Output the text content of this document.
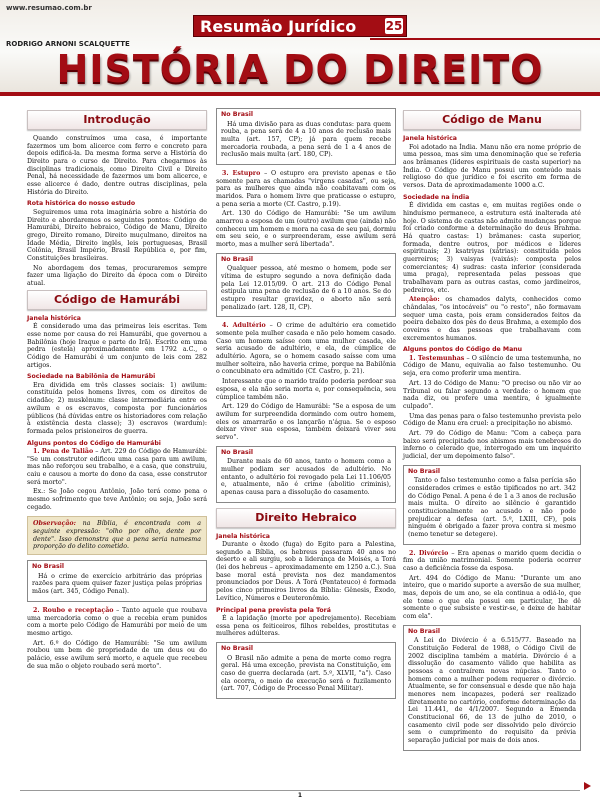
www.resumao.com.br
Resumão Jurídico 25
RODRIGO ARNONI SCALQUETTE
HISTÓRIA DO DIREITO
Introdução

Quando construímos uma casa, é importante fazermos um bom alicerce com ferro e concreto para depois edificá-la. Da mesma forma serve a História do Direito para o curso de Direito. Para chegarmos às disciplinas tradicionais, como Direito Civil e Direito Penal, há necessidade de fazermos um bom alicerce, e esse alicerce é dado, dentre outras disciplinas, pela História do Direito.

Rota histórica do nosso estudo

Seguiremos uma rota imaginária sobre a história do Direito e abordaremos os seguintes pontos: Código de Hamurábi, Direito hebraico, Código de Manu, Direito grego, Direito romano, Direito muçulmano, direitos na Idade Média, Direito inglês, leis portuguesas, Brasil Colônia, Brasil Império, Brasil República e, por fim, Constituições brasileiras.

No abordagem dos temas, procuraremos sempre fazer uma ligação do Direito da época com o Direito atual.

Código de Hamurábi
Janela histórica

É considerado uma das primeiras leis escritas. Tem esse nome por causa do rei Hamurábi, que governou a Babilônia (hoje Iraque e parte do Irã). Escrito em uma pedra (estela) aproximadamente em 1792 a.C., o Código de Hamurábi é um conjunto de leis com 282 artigos.

Sociedade na Babilônia de Hamurábi

Era dividida em três classes sociais: 1) awilum: constituída pelos homens livres, com os direitos de cidadão; 2) muskênum: classe intermediária entre os awilum e os escravos, composta por funcionários públicos (há dúvidas entre os historiadores com relação à existência desta classe); 3) escravos (wardum): formada pelos prisioneiros de guerra.

Alguns pontos do Código de Hamurábi

1. Pena de Talião – Art. 229 do Código de Hamurábi: "Se um construtor edificou uma casa para um awilum, mas não reforçou seu trabalho, e a casa, que construiu, caiu e causou a morte do dono da casa, esse construtor será morto".

Ex.: Se João cegou Antônio, João terá como pena o mesmo sofrimento que teve Antônio; ou seja, João será cegado.

Observação: na Bíblia, é encontrada com a seguinte expressão: "olho por olho, dente por dente". Isso demonstra que a pena seria namesma proporção do delito cometido.
No Brasil

Há o crime de exercício arbitrário das próprias razões para quem quiser fazer justiça pelas próprias mãos (art. 345, Código Penal).

2. Roubo e receptação – Tanto aquele que roubava uma mercadoria como o que a recebia eram punidos com a morte pelo Código de Hamurábi por meio de um mesmo artigo.

Art. 6.º do Código de Hamurábi: "Se um awilum roubou um bem de propriedade de um deus ou do palácio, esse awilum será morto, e aquele que recebeu de sua mão o objeto roubado será morto".

No Brasil

Há uma divisão para as duas condutas: para quem rouba, a pena será de 4 a 10 anos de reclusão mais multa (art. 157, CP); já para quem recebe mercadoria roubada, a pena será de 1 a 4 anos de reclusão mais multa (art. 180, CP).

3. Estupro – O estupro era previsto apenas e tão somente para as chamadas "virgens casadas", ou seja, para as mulheres que ainda não coabitavam com os maridos. Para o homem livre que praticasse o estupro, a pena seria a morte (Cf. Castro, p.19).

Art. 130 do Código de Hamurábi: "Se um awilum amarrou a esposa de um (outro) awilum que (ainda) não conheceu um homem e mora na casa de seu pai, dormiu em seu seio, e o surpreenderam, esse awilum será morto, mas a mulher será libertada".

No Brasil

Qualquer pessoa, até mesmo o homem, pode ser vítima de estupro segundo a nova definição dada pela Lei 12.015/09. O art. 213 do Código Penal estipula uma pena de reclusão de 6 a 10 anos. Se do estupro resultar gravidez, o aborto não será penalizado (art. 128, II, CP).

4. Adultério – O crime de adultério era cometido somente pela mulher casada e não pelo homem casado. Caso um homem saísse com uma mulher casada, ele seria acusado de adultério, e ela, de cúmplice de adultério. Agora, se o homem casado saísse com uma mulher solteira, não haveria crime, porque na Babilônia o concubinato era admitido (Cf. Castro, p. 21).

Interessante que o marido traído poderia perdoar sua esposa, e ela não seria morta e, por consequência, seu cúmplice também não.

Art. 129 do Código de Hamurábi: "Se a esposa de um awilum for surpreendida dormindo com outro homem, eles os amarrarão e os lançarão n'água. Se o esposo deixar viver sua esposa, também deixará viver seu servo".

No Brasil

Durante mais de 60 anos, tanto o homem como a mulher podiam ser acusados de adultério. No entanto, o adultério foi revogado pela Lei 11.106/05 e, atualmente, não é crime (abolitio criminis), apenas causa para a dissolução do casamento.

Direito Hebraico
Janela histórica

Durante o êxodo (fuga) do Egito para a Palestina, segundo a Bíblia, os hebreus passaram 40 anos no deserto e ali surgiu, sob a liderança de Moisés, a Torá (lei dos hebreus – aproximadamente em 1250 a.C.). Sua base moral está prevista nos dez mandamentos pronunciados por Deus. A Torá (Pentateuco) é formada pelos cinco primeiros livros da Bíblia: Gênesis, Êxodo, Levítico, Números e Deuteronômio.

Principal pena prevista pela Torá

É a lapidação (morte por apedrejamento). Recebiam essa pena os feiticeiros, filhos rebeldes, prostitutas e mulheres adúlteras.

No Brasil

O Brasil não admite a pena de morte como regra geral. Há uma exceção, prevista na Constituição, em caso de guerra declarada (art. 5.º, XLVII, "a"). Caso ela ocorra, o meio de execução será o fuzilamento (art. 707, Código de Processo Penal Militar).

Código de Manu
Janela histórica

Foi adotado na Índia. Manu não era nome próprio de uma pessoa, mas sim uma denominação que se referia aos brâmanes (líderes espirituais de casta superior) na Índia. O Código de Manu possui um conteúdo mais religioso do que jurídico e foi escrito em forma de versos. Data de aproximadamente 1000 a.C.

Sociedade na Índia

É dividida em castas e, em muitas regiões onde o hinduísmo permanece, a estrutura está inalterada até hoje. O sistema de castas não admite mudanças porque foi criado conforme a determinação do deus Brahma. Há quatro castas: 1) brâmanes: casta superior, formada, dentre outros, por médicos e líderes espirituais; 2) ksatriyas (xátrias): constituída pelos guerreiros; 3) vaisyas (vaixás): composta pelos comerciantes; 4) sudras: casta inferior (considerada uma praga), representada pelas pessoas que trabalhavam para as outras castas, como jardineiros, pedreiros, etc.

Atenção: os chamados dalyts, conhecidos como chândalas, "os intocáveis" ou "o resto", não formavam sequer uma casta, pois eram considerados feitos da poeira debaixo dos pés do deus Brahma, a exemplo dos coveiros e das pessoas que trabalhavam com excrementos humanos.

Alguns pontos do Código de Manu

1. Testemunhas – O silêncio de uma testemunha, no Código de Manu, equivalia ao falso testemunho. Ou seja, era como proferir uma mentira.

Art. 13 do Código de Manu: "O preciso ou não vir ao Tribunal ou falar segundo a verdade: o homem que nada diz, ou profere uma mentira, é igualmente culpado".

Uma das penas para o falso testemunho prevista pelo Código de Manu era cruel: a precipitação no abismo.

Art. 79 do Código de Manu: "Com a cabeça para baixo será precipitado nos abismos mais tenebrosos do inferno o celerado que, interrogado em um inquérito judicial, der um depoimento falso".

No Brasil

Tanto o falso testemunho como a falsa perícia são considerados crimes e estão tipificados no art. 342 do Código Penal. A pena é de 1 a 3 anos de reclusão mais multa. O direito ao silêncio é garantido constitucionalmente ao acusado e não pode prejudicar a defesa (art. 5.º, LXIII, CF), pois ninguém é obrigado a fazer prova contra si mesmo (nemo tenetur se detegere).

2. Divórcio – Era apenas o marido quem decidia o fim da união matrimonial. Somente poderia ocorrer caso a deficiência fosse da esposa.

Art. 494 do Código de Manu: "Durante um ano inteiro, que o marido suporte a aversão de sua mulher, mas, depois de um ano, se ela continua a odiá-lo, que ele tome o que ela possui em particular, lhe dê somente o que subsiste e vestir-se, e deixe de habitar com ela".

No Brasil

A Lei do Divórcio é a 6.515/77. Baseado na Constituição Federal de 1988, o Código Civil de 2002 disciplina também a matéria. Divórcio é a dissolução do casamento válido que habilita as pessoas a contraírem novas núpcias. Tanto o homem como a mulher podem requerer o divórcio. Atualmente, se for consensual e desde que não haja menores nem incapazes, poderá ser realizado diretamente no cartório, conforme determinação da Lei 11.441, de 4/1/2007. Segundo a Emenda Constitucional 66, de 13 de julho de 2010, o casamento civil pode ser dissolvido pelo divórcio sem o cumprimento do requisito da prévia separação judicial por mais de dois anos.

1
